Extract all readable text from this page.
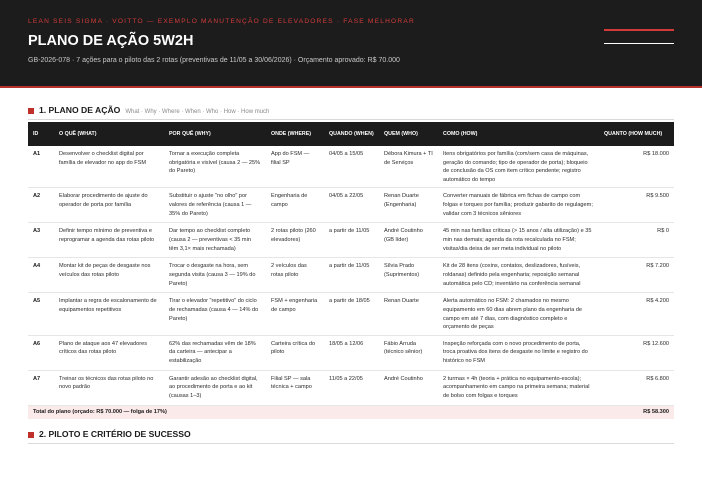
LEAN SEIS SIGMA · VOITTO — EXEMPLO MANUTENÇÃO DE ELEVADORES · FASE MELHORAR
PLANO DE AÇÃO 5W2H
GB-2026-078 · 7 ações para o piloto das 2 rotas (preventivas de 11/05 a 30/06/2026) · Orçamento aprovado: R$ 70.000
1. PLANO DE AÇÃO What · Why · Where · When · Who · How · How much
ID	O QUÊ (WHAT)	POR QUÊ (WHY)	ONDE (WHERE)	QUANDO (WHEN)	QUEM (WHO)	COMO (HOW)	QUANTO (HOW MUCH)
A1	Desenvolver o checklist digital por família de elevador no app do FSM	Tornar a execução completa obrigatória e visível (causa 2 — 25% do Pareto)	App do FSM — filial SP	04/05 a 15/05	Débora Kimura + TI de Serviços	Itens obrigatórios por família (com/sem casa de máquinas, geração do comando; tipo de operador de porta); bloqueio de conclusão da OS com item crítico pendente; registro automático do tempo	R$ 18.000
A2	Elaborar procedimento de ajuste do operador de porta por família	Substituir o ajuste "no olho" por valores de referência (causa 1 — 35% do Pareto)	Engenharia de campo	04/05 a 22/05	Renan Duarte (Engenharia)	Converter manuais de fábrica em fichas de campo com folgas e torques por família; produzir gabarito de regulagem; validar com 3 técnicos sêniores	R$ 9.500
A3	Definir tempo mínimo de preventiva e reprogramar a agenda das rotas piloto	Dar tempo ao checklist completo (causa 2 — preventivas < 35 min têm 3,1× mais rechamada)	2 rotas piloto (260 elevadores)	a partir de 11/05	André Coutinho (GB líder)	45 min nas famílias críticas (> 15 anos / alta utilização) e 35 min nas demais; agenda da rota recalculada no FSM; visitas/dia deixa de ser meta individual no piloto	R$ 0
A4	Montar kit de peças de desgaste nos veículos das rotas piloto	Trocar o desgaste na hora, sem segunda visita (causa 3 — 19% do Pareto)	2 veículos das rotas piloto	a partir de 11/05	Sílvia Prado (Suprimentos)	Kit de 28 itens (coxins, contatos, deslizadores, fusíveis, roldanas) definido pela engenharia; reposição semanal automática pelo CD; inventário na conferência semanal	R$ 7.200
A5	Implantar a regra de escalonamento de equipamentos repetitivos	Tirar o elevador "repetitivo" do ciclo de rechamadas (causa 4 — 14% do Pareto)	FSM + engenharia de campo	a partir de 18/05	Renan Duarte	Alerta automático no FSM: 2 chamados no mesmo equipamento em 60 dias abrem plano da engenharia de campo em até 7 dias, com diagnóstico completo e orçamento de peças	R$ 4.200
A6	Plano de ataque aos 47 elevadores críticos das rotas piloto	62% das rechamadas vêm de 18% da carteira — antecipar a estabilização	Carteira crítica do piloto	18/05 a 12/06	Fábio Arruda (técnico sênior)	Inspeção reforçada com o novo procedimento de porta, troca proativa dos itens de desgaste no limite e registro do histórico no FSM	R$ 12.600
A7	Treinar os técnicos das rotas piloto no novo padrão	Garantir adesão ao checklist digital, ao procedimento de porta e ao kit (causas 1–3)	Filial SP — sala técnica + campo	11/05 a 22/05	André Coutinho	2 turmas × 4h (teoria + prática no equipamento-escola); acompanhamento em campo na primeira semana; material de bolso com folgas e torques	R$ 6.800
Total do plano (orçado: R$ 70.000 — folga de 17%)							R$ 58.300
2. PILOTO E CRITÉRIO DE SUCESSO
